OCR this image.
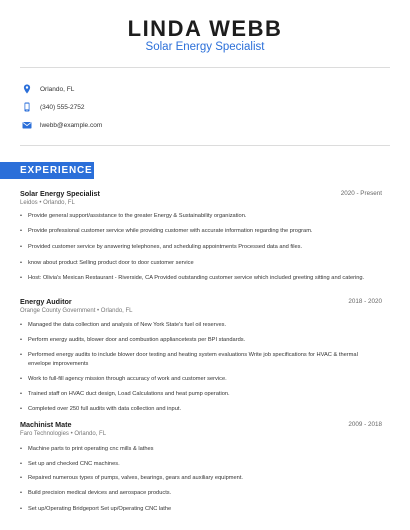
LINDA WEBB
Solar Energy Specialist
Orlando, FL
(340) 555-2752
lwebb@example.com
EXPERIENCE
Solar Energy Specialist	2020 - Present
Leidos • Orlando, FL
•	Provide general support/assistance to the greater Energy & Sustainability organization.
•	Provide professional customer service while providing customer with accurate information regarding the program.
•	Provided customer service by answering telephones, and scheduling appointments Processed data and files.
•	know about product Selling product door to door customer service
•	Host: Olivia's Mexican Restaurant - Riverside, CA Provided outstanding customer service which included greeting sitting and catering.
Energy Auditor	2018 - 2020
Orange County Government • Orlando, FL
•	Managed the data collection and analysis of New York State's fuel oil reserves.
•	Perform energy audits, blower door and combustion appliancetests per BPI standards.
•	Performed energy audits to include blower door testing and heating system evaluations Write job specifications for HVAC & thermal envelope improvements
•	Work to full-fill agency mission through accuracy of work and customer service.
•	Trained staff on HVAC duct design, Load Calculations and heat pump operation.
•	Completed over 250 full audits with data collection and input.
Machinist Mate	2009 - 2018
Faro Technologies • Orlando, FL
•	Machine parts to print operating cnc mills & lathes
•	Set up and checked CNC machines.
•	Repaired numerous types of pumps, valves, bearings, gears and auxiliary equipment.
•	Build precision medical devices and aerospace products.
•	Set up/Operating Bridgeport Set up/Operating CNC lathe
